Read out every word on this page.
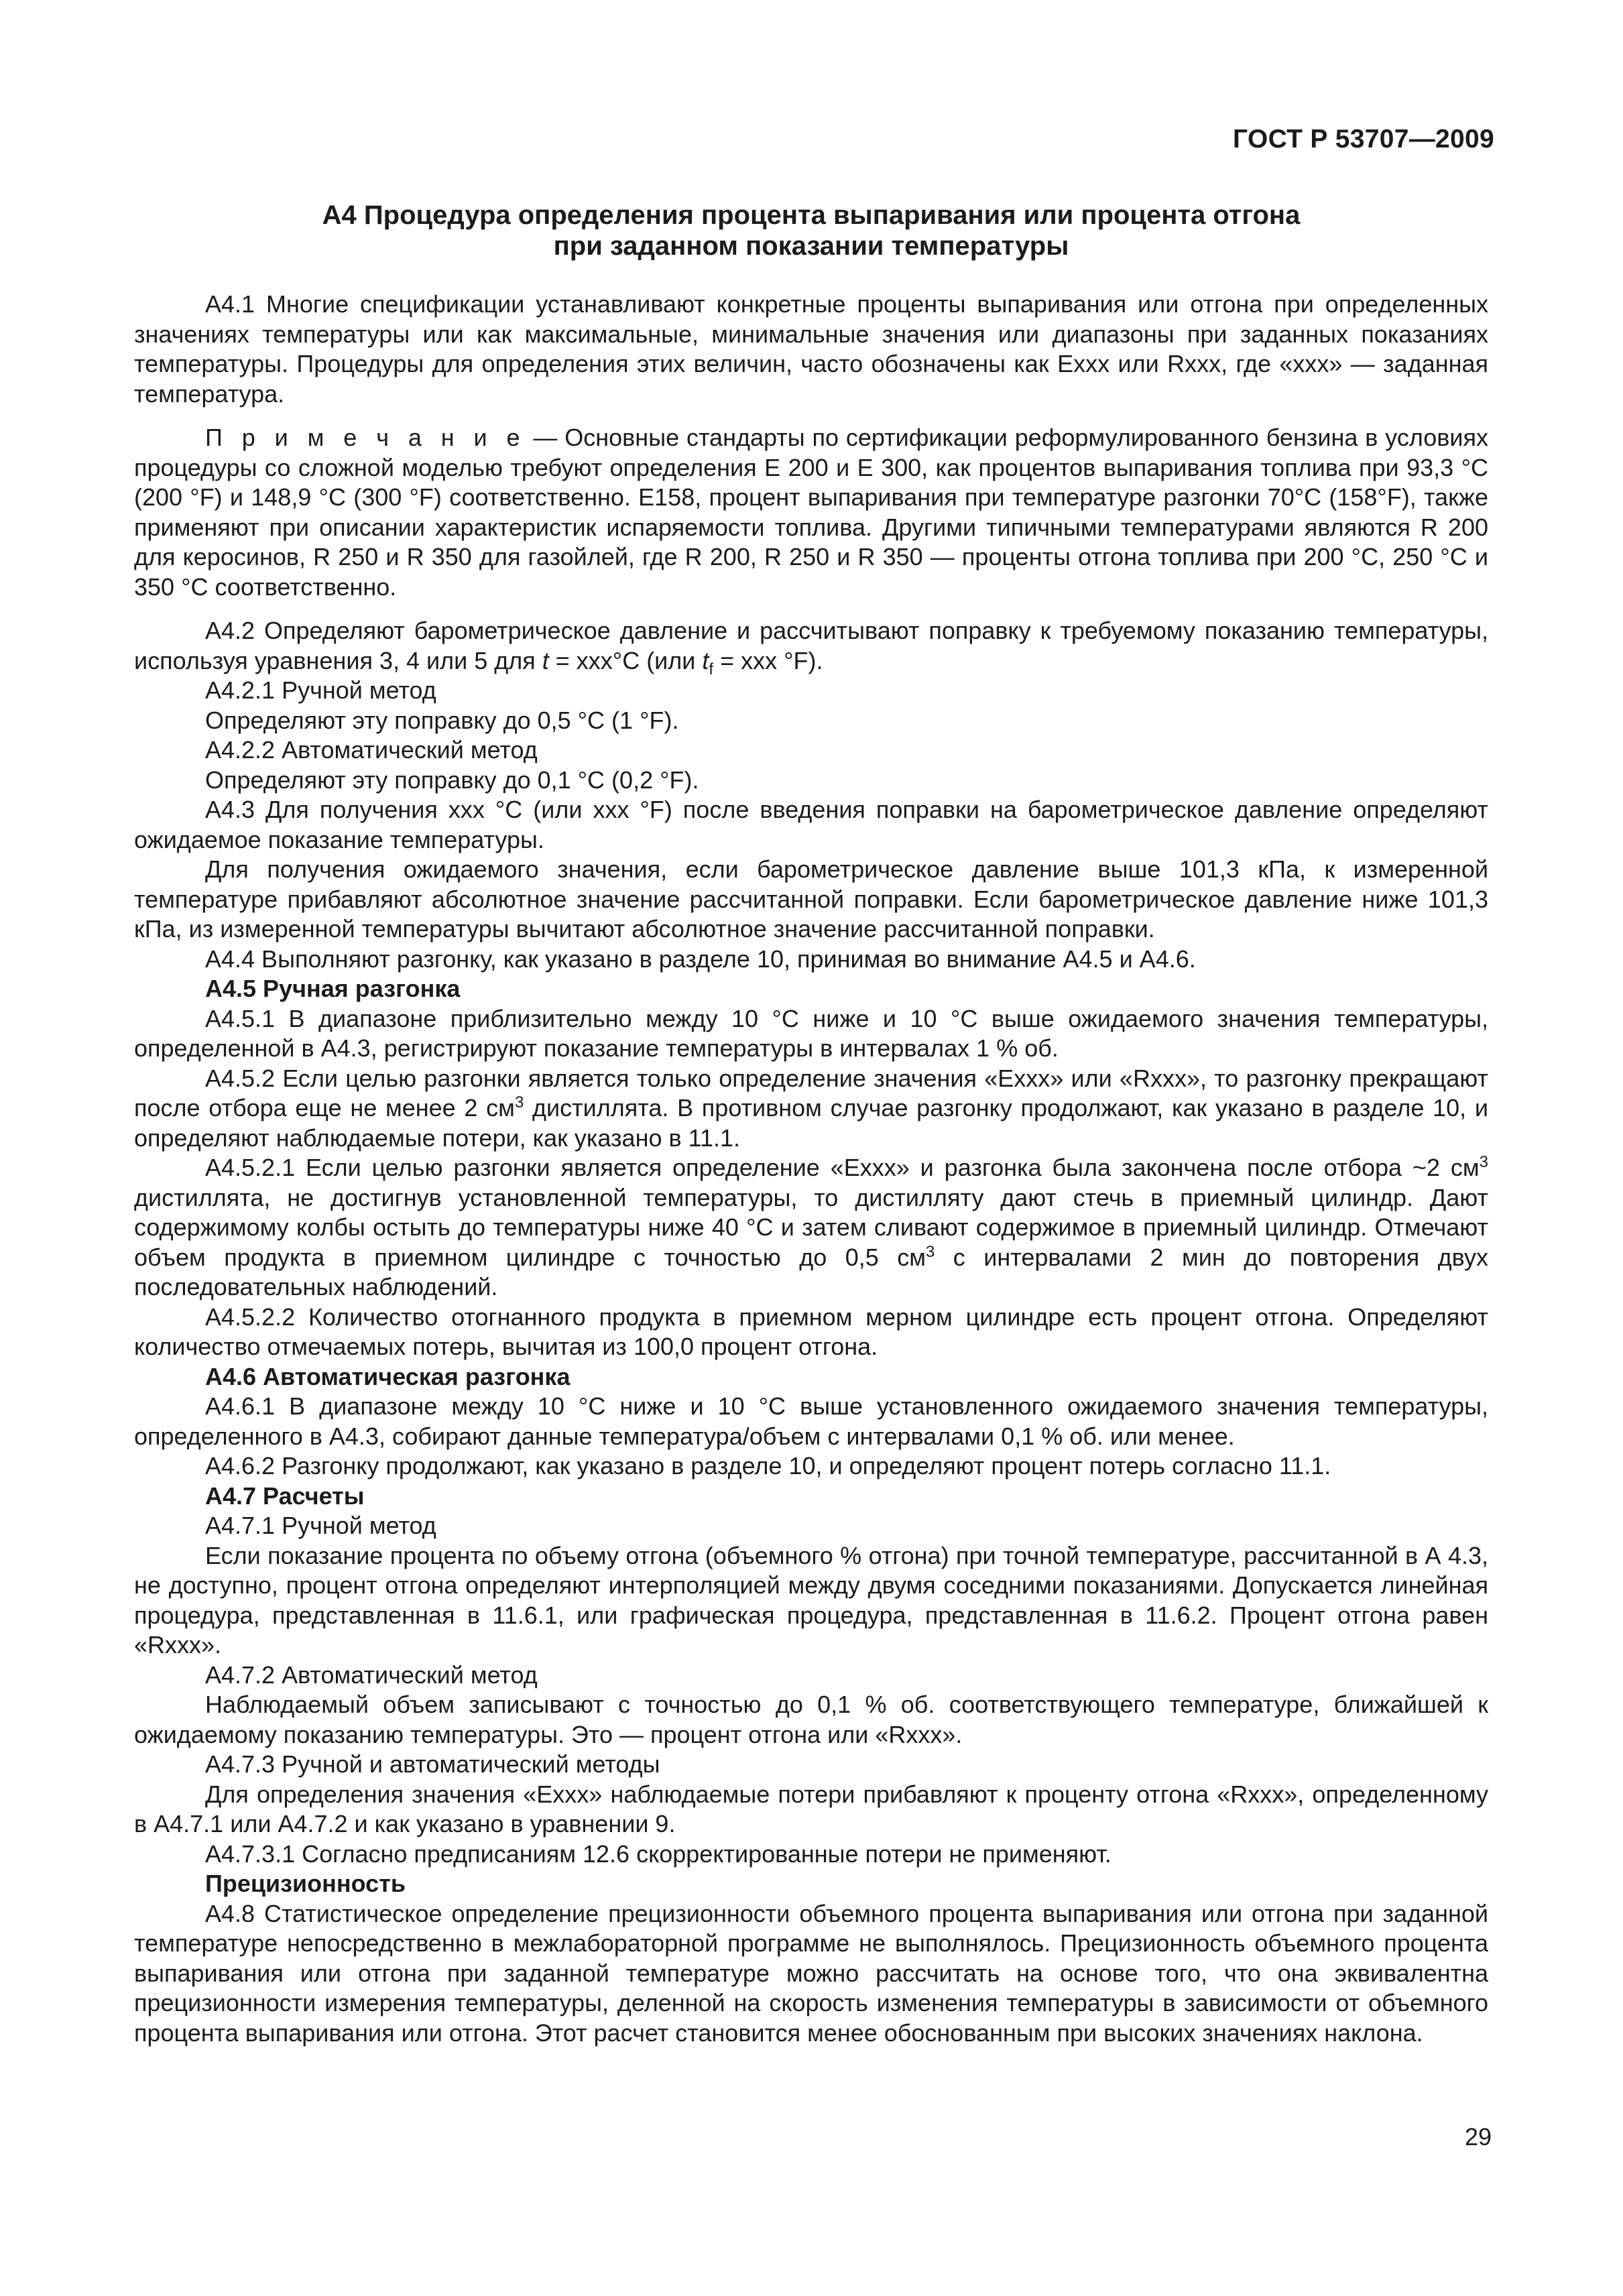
ГОСТ Р 53707—2009
А4 Процедура определения процента выпаривания или процента отгона
при заданном показании температуры

А4.1 Многие спецификации устанавливают конкретные проценты выпаривания или отгона при определенных значениях температуры или как максимальные, минимальные значения или диапазоны при заданных показаниях температуры. Процедуры для определения этих величин, часто обозначены как Exxx или Rxxx, где «xxx» — заданная температура.

П р и м е ч а н и е — Основные стандарты по сертификации реформулированного бензина в условиях процедуры со сложной моделью требуют определения Е 200 и Е 300, как процентов выпаривания топлива при 93,3 °С (200 °F) и 148,9 °С (300 °F) соответственно. Е158, процент выпаривания при температуре разгонки 70°С (158°F), также применяют при описании характеристик испаряемости топлива. Другими типичными температурами являются R 200 для керосинов, R 250 и R 350 для газойлей, где R 200, R 250 и R 350 — проценты отгона топлива при 200 °С, 250 °С и 350 °С соответственно.

А4.2 Определяют барометрическое давление и рассчитывают поправку к требуемому показанию температуры, используя уравнения 3, 4 или 5 для t = xxx°С (или $t_f$ = xxx °F).

А4.2.1 Ручной метод

Определяют эту поправку до 0,5 °С (1 °F).

А4.2.2 Автоматический метод

Определяют эту поправку до 0,1 °С (0,2 °F).

А4.3 Для получения xxx °С (или xxx °F) после введения поправки на барометрическое давление определяют ожидаемое показание температуры.

Для получения ожидаемого значения, если барометрическое давление выше 101,3 кПа, к измеренной температуре прибавляют абсолютное значение рассчитанной поправки. Если барометрическое давление ниже 101,3 кПа, из измеренной температуры вычитают абсолютное значение рассчитанной поправки.

А4.4 Выполняют разгонку, как указано в разделе 10, принимая во внимание А4.5 и А4.6.

А4.5 Ручная разгонка

А4.5.1 В диапазоне приблизительно между 10 °С ниже и 10 °С выше ожидаемого значения температуры, определенной в А4.3, регистрируют показание температуры в интервалах 1 % об.

А4.5.2 Если целью разгонки является только определение значения «Exxx» или «Rxxx», то разгонку прекращают после отбора еще не менее 2 $см^3$ дистиллята. В противном случае разгонку продолжают, как указано в разделе 10, и определяют наблюдаемые потери, как указано в 11.1.

А4.5.2.1 Если целью разгонки является определение «Exxx» и разгонка была закончена после отбора ~2 $см^3$ дистиллята, не достигнув установленной температуры, то дистилляту дают стечь в приемный цилиндр. Дают содержимому колбы остыть до температуры ниже 40 °С и затем сливают содержимое в приемный цилиндр. Отмечают объем продукта в приемном цилиндре с точностью до 0,5 $см^3$ с интервалами 2 мин до повторения двух последовательных наблюдений.

А4.5.2.2 Количество отогнанного продукта в приемном мерном цилиндре есть процент отгона. Определяют количество отмечаемых потерь, вычитая из 100,0 процент отгона.

А4.6 Автоматическая разгонка

А4.6.1 В диапазоне между 10 °С ниже и 10 °С выше установленного ожидаемого значения температуры, определенного в А4.3, собирают данные температура/объем с интервалами 0,1 % об. или менее.

А4.6.2 Разгонку продолжают, как указано в разделе 10, и определяют процент потерь согласно 11.1.

А4.7 Расчеты

А4.7.1 Ручной метод

Если показание процента по объему отгона (объемного % отгона) при точной температуре, рассчитанной в А 4.3, не доступно, процент отгона определяют интерполяцией между двумя соседними показаниями. Допускается линейная процедура, представленная в 11.6.1, или графическая процедура, представленная в 11.6.2. Процент отгона равен «Rxxx».

А4.7.2 Автоматический метод

Наблюдаемый объем записывают с точностью до 0,1 % об. соответствующего температуре, ближайшей к ожидаемому показанию температуры. Это — процент отгона или «Rxxx».

А4.7.3 Ручной и автоматический методы

Для определения значения «Exxx» наблюдаемые потери прибавляют к проценту отгона «Rxxx», определенному в А4.7.1 или А4.7.2 и как указано в уравнении 9.

А4.7.3.1 Согласно предписаниям 12.6 скорректированные потери не применяют.

Прецизионность

А4.8 Статистическое определение прецизионности объемного процента выпаривания или отгона при заданной температуре непосредственно в межлабораторной программе не выполнялось. Прецизионность объемного процента выпаривания или отгона при заданной температуре можно рассчитать на основе того, что она эквивалентна прецизионности измерения температуры, деленной на скорость изменения температуры в зависимости от объемного процента выпаривания или отгона. Этот расчет становится менее обоснованным при высоких значениях наклона.

29
